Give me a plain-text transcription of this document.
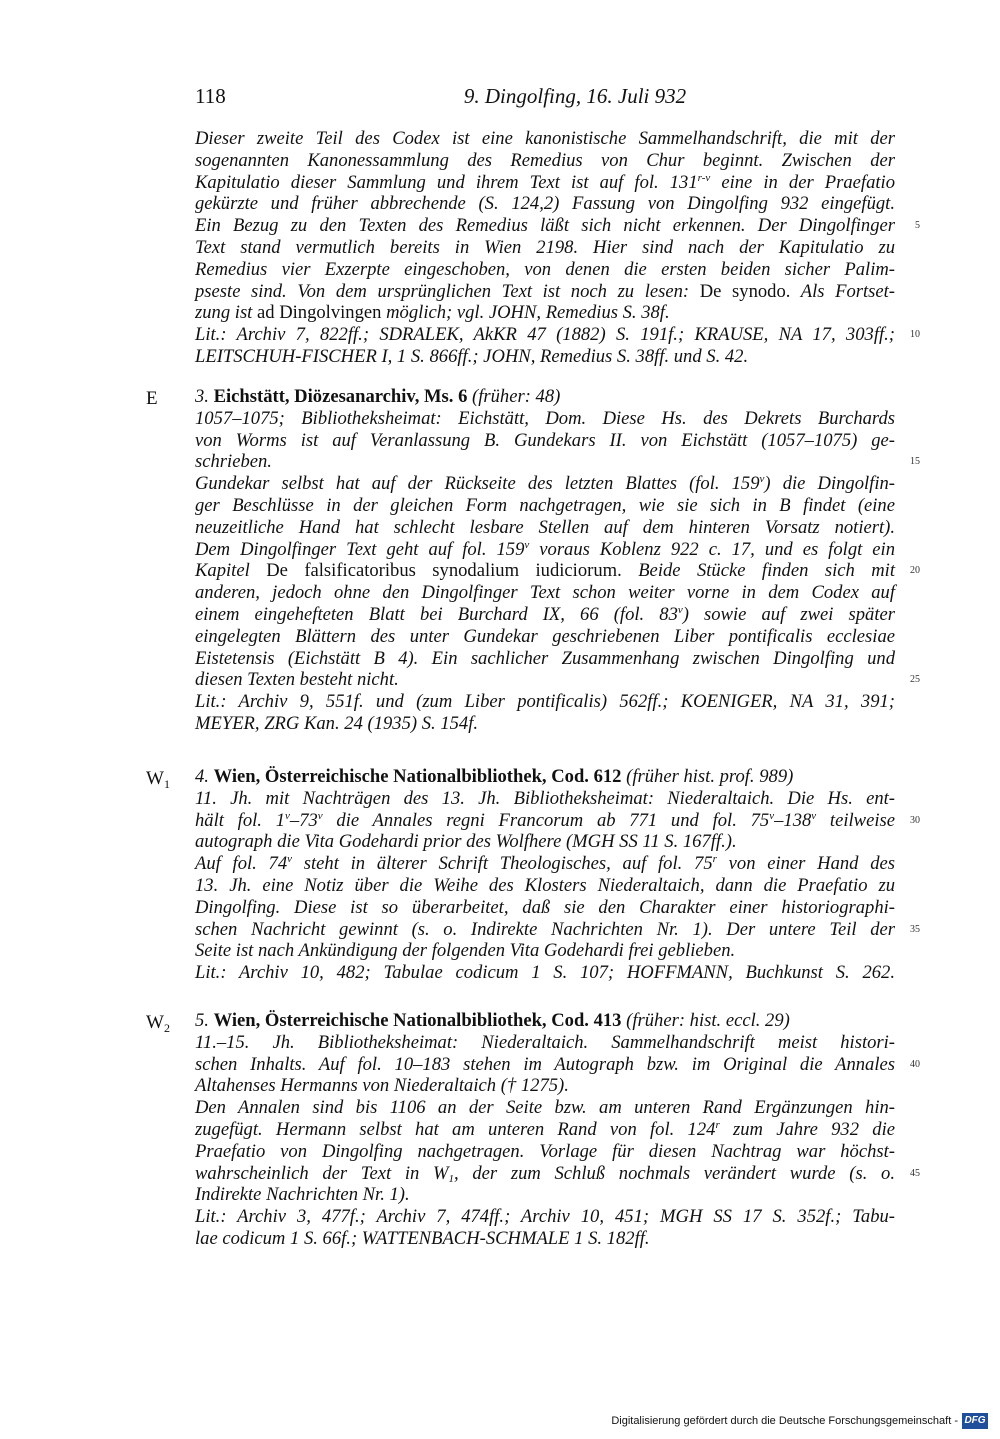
118	9. Dingolfing, 16. Juli 932
Dieser zweite Teil des Codex ist eine kanonistische Sammelhandschrift, die mit der
sogenannten Kanonessammlung des Remedius von Chur beginnt. Zwischen der
Kapitulatio dieser Sammlung und ihrem Text ist auf fol. 131$^{r-v}$ eine in der Praefatio
gekürzte und früher abbrechende (S. 124,2) Fassung von Dingolfing 932 eingefügt.
Ein Bezug zu den Texten des Remedius läßt sich nicht erkennen. Der Dingolfinger 5
Text stand vermutlich bereits in Wien 2198. Hier sind nach der Kapitulatio zu
Remedius vier Exzerpte eingeschoben, von denen die ersten beiden sicher Palim-
pseste sind. Von dem ursprünglichen Text ist noch zu lesen: De synodo. Als Fortset-
zung ist ad Dingolvingen möglich; vgl. JOHN, Remedius S. 38f.
Lit.: Archiv 7, 822ff.; SDRALEK, AkKR 47 (1882) S. 191f.; KRAUSE, NA 17, 303ff.; 10
LEITSCHUH-FISCHER I, 1 S. 866ff.; JOHN, Remedius S. 38ff. und S. 42.
E 3. Eichstätt, Diözesanarchiv, Ms. 6 (früher: 48)
1057–1075; Bibliotheksheimat: Eichstätt, Dom. Diese Hs. des Dekrets Burchards
von Worms ist auf Veranlassung B. Gundekars II. von Eichstätt (1057–1075) ge-
schrieben.	15
Gundekar selbst hat auf der Rückseite des letzten Blattes (fol. 159$^v$) die Dingolfin-
ger Beschlüsse in der gleichen Form nachgetragen, wie sie sich in B findet (eine
neuzeitliche Hand hat schlecht lesbare Stellen auf dem hinteren Vorsatz notiert).
Dem Dingolfinger Text geht auf fol. 159$^v$ voraus Koblenz 922 c. 17, und es folgt ein
Kapitel De falsificatoribus synodalium iudiciorum. Beide Stücke finden sich mit 20
anderen, jedoch ohne den Dingolfinger Text schon weiter vorne in dem Codex auf
einem eingehefteten Blatt bei Burchard IX, 66 (fol. 83$^v$) sowie auf zwei später
eingelegten Blättern des unter Gundekar geschriebenen Liber pontificalis ecclesiae
Eistetensis (Eichstätt B 4). Ein sachlicher Zusammenhang zwischen Dingolfing und
diesen Texten besteht nicht.	25
Lit.: Archiv 9, 551f. und (zum Liber pontificalis) 562ff.; KOENIGER, NA 31, 391;
MEYER, ZRG Kan. 24 (1935) S. 154f.
$W_1$ 4. Wien, Österreichische Nationalbibliothek, Cod. 612 (früher hist. prof. 989)
11. Jh. mit Nachträgen des 13. Jh. Bibliotheksheimat: Niederaltaich. Die Hs. ent-
hält fol. 1$^v$–73$^v$ die Annales regni Francorum ab 771 und fol. 75$^v$–138$^v$ teilweise 30
autograph die Vita Godehardi prior des Wolfhere (MGH SS 11 S. 167ff.).
Auf fol. 74$^v$ steht in älterer Schrift Theologisches, auf fol. 75$^r$ von einer Hand des
13. Jh. eine Notiz über die Weihe des Klosters Niederaltaich, dann die Praefatio zu
Dingolfing. Diese ist so überarbeitet, daß sie den Charakter einer historiographi-
schen Nachricht gewinnt (s. o. Indirekte Nachrichten Nr. 1). Der untere Teil der 35
Seite ist nach Ankündigung der folgenden Vita Godehardi frei geblieben.
Lit.: Archiv 10, 482; Tabulae codicum 1 S. 107; HOFFMANN, Buchkunst S. 262.
$W_2$ 5. Wien, Österreichische Nationalbibliothek, Cod. 413 (früher: hist. eccl. 29)
11.–15. Jh. Bibliotheksheimat: Niederaltaich. Sammelhandschrift meist histori-
schen Inhalts. Auf fol. 10–183 stehen im Autograph bzw. im Original die Annales 40
Altahenses Hermanns von Niederaltaich († 1275).
Den Annalen sind bis 1106 an der Seite bzw. am unteren Rand Ergänzungen hin-
zugefügt. Hermann selbst hat am unteren Rand von fol. 124$^r$ zum Jahre 932 die
Praefatio von Dingolfing nachgetragen. Vorlage für diesen Nachtrag war höchst-
wahrscheinlich der Text in $W_1$, der zum Schluß nochmals verändert wurde (s. o. 45
Indirekte Nachrichten Nr. 1).
Lit.: Archiv 3, 477f.; Archiv 7, 474ff.; Archiv 10, 451; MGH SS 17 S. 352f.; Tabu-
lae codicum 1 S. 66f.; WATTENBACH-SCHMALE 1 S. 182ff.
Digitalisierung gefördert durch die Deutsche Forschungsgemeinschaft - DFG
